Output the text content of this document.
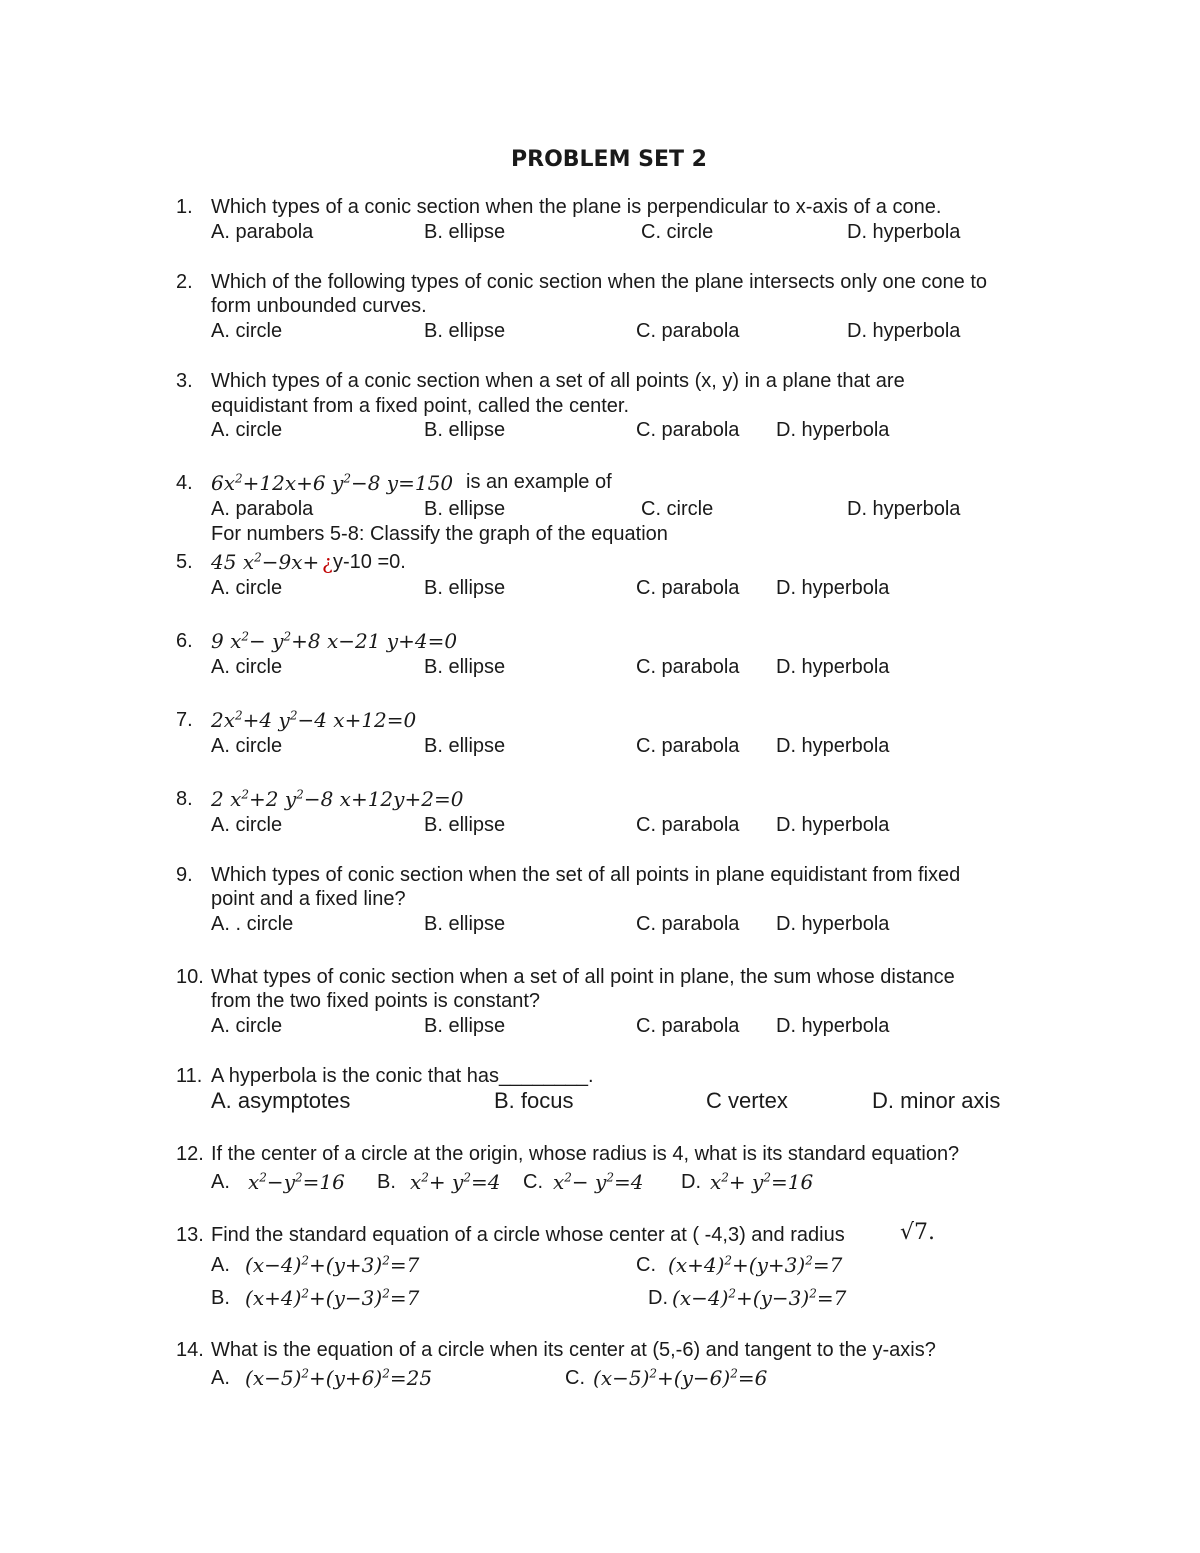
PROBLEM SET 2
1. Which types of a conic section when the plane is perpendicular to x-axis of a cone.
A. parabola	B. ellipse	C. circle	D. hyperbola
2. Which of the following types of conic section when the plane intersects only one cone to
form unbounded curves.
A. circle	B. ellipse	C. parabola	D. hyperbola
3. Which types of a conic section when a set of all points (x, y) in a plane that are
equidistant from a fixed point, called the center.
A. circle	B. ellipse	C. parabola D. hyperbola
4. $6x^2+12x+6$ $y^2-8$ y=150 is an example of
A. parabola	B. ellipse	C. circle	D. hyperbola
For numbers 5-8: Classify the graph of the equation
5. 45 $x^2-9x+$ ¿ y-10 =0.
A. circle	B. ellipse	C. parabola D. hyperbola
6. 9 $x^2- y^2+8$ x−21 y+4=0
A. circle	B. ellipse	C. parabola D. hyperbola
7. $2x^2+4$ $y^2-4$ x+12=0
A. circle	B. ellipse	C. parabola D. hyperbola
8. 2 $x^2+2$ $y^2-8$ x+12y+2=0
A. circle	B. ellipse	C. parabola D. hyperbola
9. Which types of conic section when the set of all points in plane equidistant from fixed
point and a fixed line?
A. . circle	B. ellipse	C. parabola D. hyperbola
10. What types of conic section when a set of all point in plane, the sum whose distance
from the two fixed points is constant?
A. circle	B. ellipse	C. parabola D. hyperbola
11. A hyperbola is the conic that has________.
A. asymptotes	B. focus	C vertex	D. minor axis
12. If the center of a circle at the origin, whose radius is 4, what is its standard equation?
A. $x^2-y^2=16$ B. $x^2+ y^2=4$ C. $x^2- y^2=4$ D. $x^2+ y^2=16$
13. Find the standard equation of a circle whose center at ( -4,3) and radius	√7.
A. $(x-4)^2+(y+3)^2=7$	C. $(x+4)^2+(y+3)^2=7$
B. $(x+4)^2+(y-3)^2=7$	D. $(x-4)^2+(y-3)^2=7$
14. What is the equation of a circle when its center at (5,-6) and tangent to the y-axis?
A. $(x-5)^2+(y+6)^2=25$	C. $(x-5)^2+(y-6)^2=6$
